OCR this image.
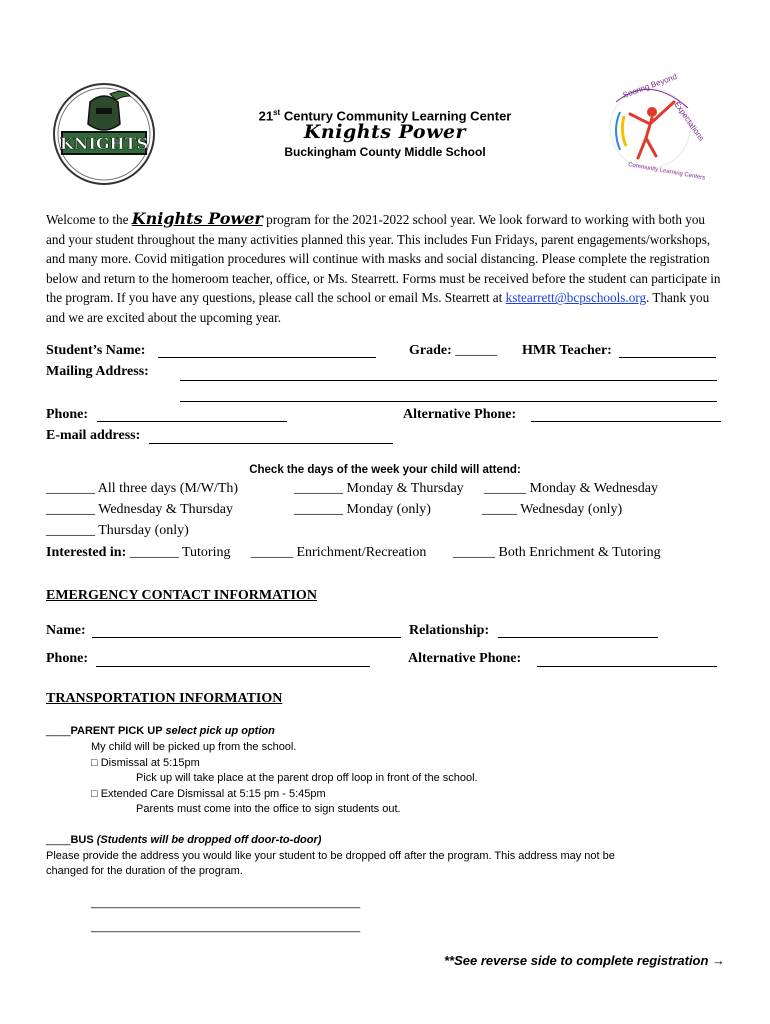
KNIGHTS
Soaring Beyond
Expectations
Community Learning Centers
21st Century Community Learning Center
Knights Power
Buckingham County Middle School
Welcome to the Knights Power program for the 2021-2022 school year. We look forward to working with both you and your student throughout the many activities planned this year. This includes Fun Fridays, parent engagements/workshops, and many more. Covid mitigation procedures will continue with masks and social distancing. Please complete the registration below and return to the homeroom teacher, office, or Ms. Stearrett. Forms must be received before the student can participate in the program. If you have any questions, please call the school or email Ms. Stearrett at kstearrett@bcpschools.org. Thank you and we are excited about the upcoming year.
Student’s Name:	Grade: ______ HMR Teacher:
Mailing Address:
Phone:	Alternative Phone:
E-mail address:
Check the days of the week your child will attend:
_______ All three days (M/W/Th)	_______ Monday & Thursday ______ Monday & Wednesday
_______ Wednesday & Thursday	_______ Monday (only)	_____ Wednesday (only)
_______ Thursday (only)
Interested in: _______ Tutoring ______ Enrichment/Recreation ______ Both Enrichment & Tutoring
EMERGENCY CONTACT INFORMATION
Name:	Relationship:
Phone:	Alternative Phone:
TRANSPORTATION INFORMATION
____PARENT PICK UP select pick up option
My child will be picked up from the school.
□ Dismissal at 5:15pm
Pick up will take place at the parent drop off loop in front of the school.
□ Extended Care Dismissal at 5:15 pm - 5:45pm
Parents must come into the office to sign students out.
____BUS (Students will be dropped off door-to-door)
Please provide the address you would like your student to be dropped off after the program. This address may not be
changed for the duration of the program.
____________________________________________
____________________________________________
**See reverse side to complete registration →
